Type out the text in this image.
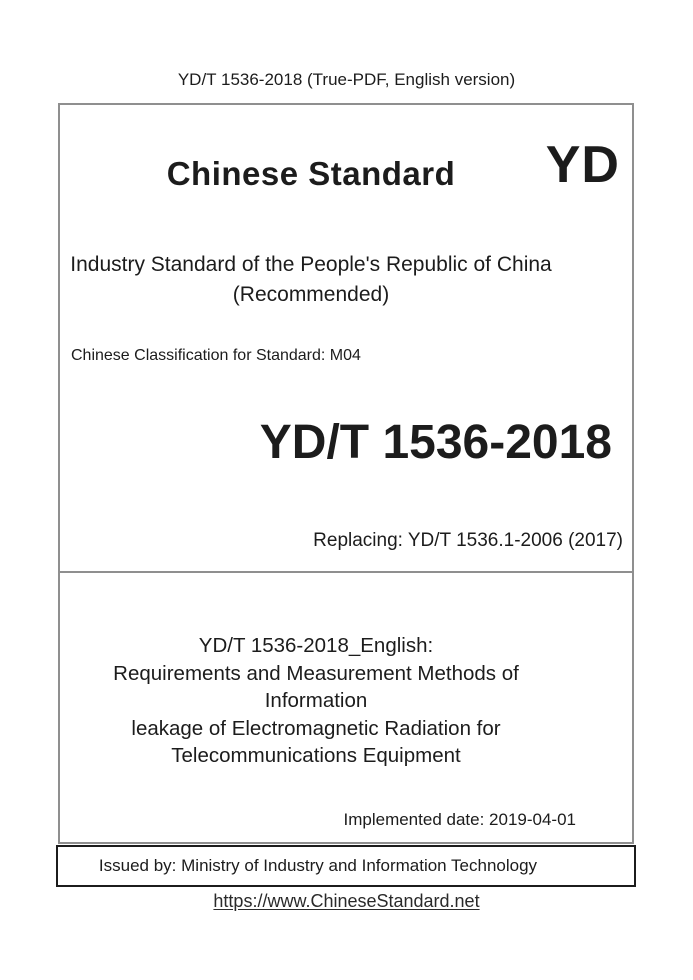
YD/T 1536-2018 (True-PDF, English version)
Chinese Standard	YD
Industry Standard of the People's Republic of China
(Recommended)
Chinese Classification for Standard: M04
YD/T 1536-2018
Replacing: YD/T 1536.1-2006 (2017)
YD/T 1536-2018_English:
Requirements and Measurement Methods of Information
leakage of Electromagnetic Radiation for
Telecommunications Equipment
Implemented date: 2019-04-01
Issued by: Ministry of Industry and Information Technology
https://www.ChineseStandard.net
